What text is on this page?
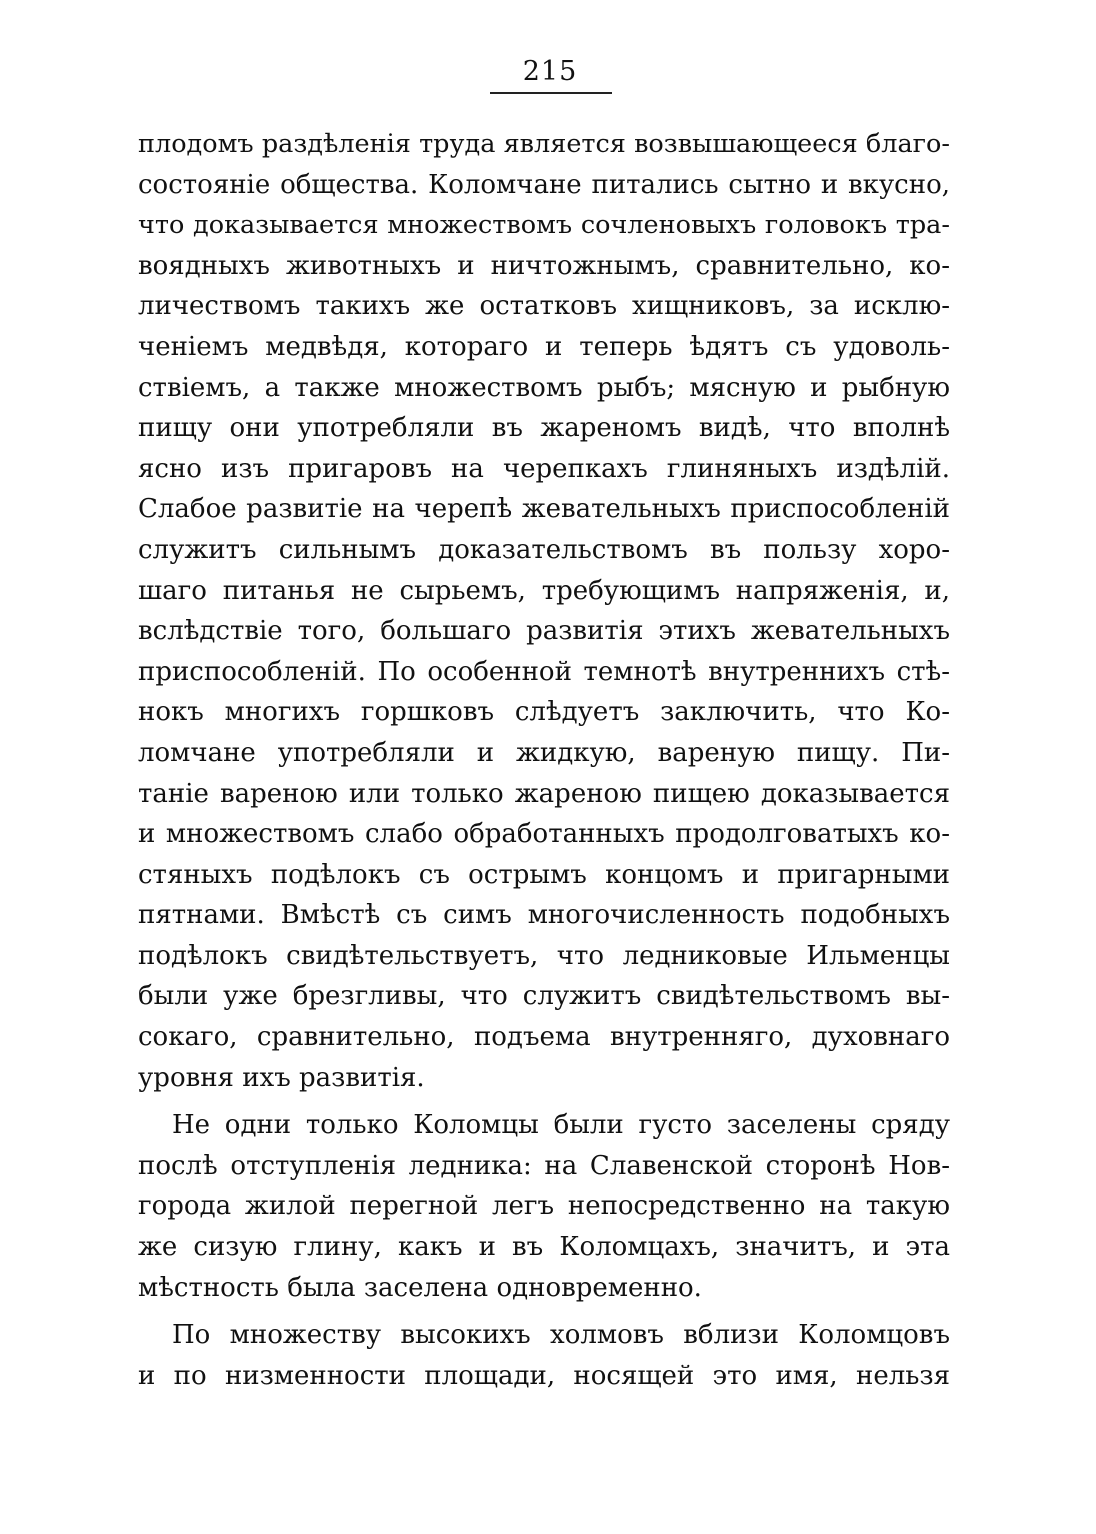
215
плодомъ раздѣленія труда является возвышающееся благо-
состояніе общества. Коломчане питались сытно и вкусно,
что доказывается множествомъ сочленовыхъ головокъ тра-
воядныхъ животныхъ и ничтожнымъ, сравнительно, ко-
личествомъ такихъ же остатковъ хищниковъ, за исклю-
ченіемъ медвѣдя, котораго и теперь ѣдятъ съ удоволь-
ствіемъ, а также множествомъ рыбъ; мясную и рыбную
пищу они употребляли въ жареномъ видѣ, что вполнѣ
ясно изъ пригаровъ на черепкахъ глиняныхъ издѣлій.
Слабое развитіе на черепѣ жевательныхъ приспособленій
служитъ сильнымъ доказательствомъ въ пользу хоро-
шаго питанья не сырьемъ, требующимъ напряженія, и,
вслѣдствіе того, большаго развитія этихъ жевательныхъ
приспособленій. По особенной темнотѣ внутреннихъ стѣ-
нокъ многихъ горшковъ слѣдуетъ заключить, что Ко-
ломчане употребляли и жидкую, вареную пищу. Пи-
таніе вареною или только жареною пищею доказывается
и множествомъ слабо обработанныхъ продолговатыхъ ко-
стяныхъ подѣлокъ съ острымъ концомъ и пригарными
пятнами. Вмѣстѣ съ симъ многочисленность подобныхъ
подѣлокъ свидѣтельствуетъ, что ледниковые Ильменцы
были уже брезгливы, что служитъ свидѣтельствомъ вы-
сокаго, сравнительно, подъема внутренняго, духовнаго
уровня ихъ развитія.
Не одни только Коломцы были густо заселены сряду
послѣ отступленія ледника: на Славенской сторонѣ Нов-
города жилой перегной легъ непосредственно на такую
же сизую глину, какъ и въ Коломцахъ, значитъ, и эта
мѣстность была заселена одновременно.
По множеству высокихъ холмовъ вблизи Коломцовъ
и по низменности площади, носящей это имя, нельзя
